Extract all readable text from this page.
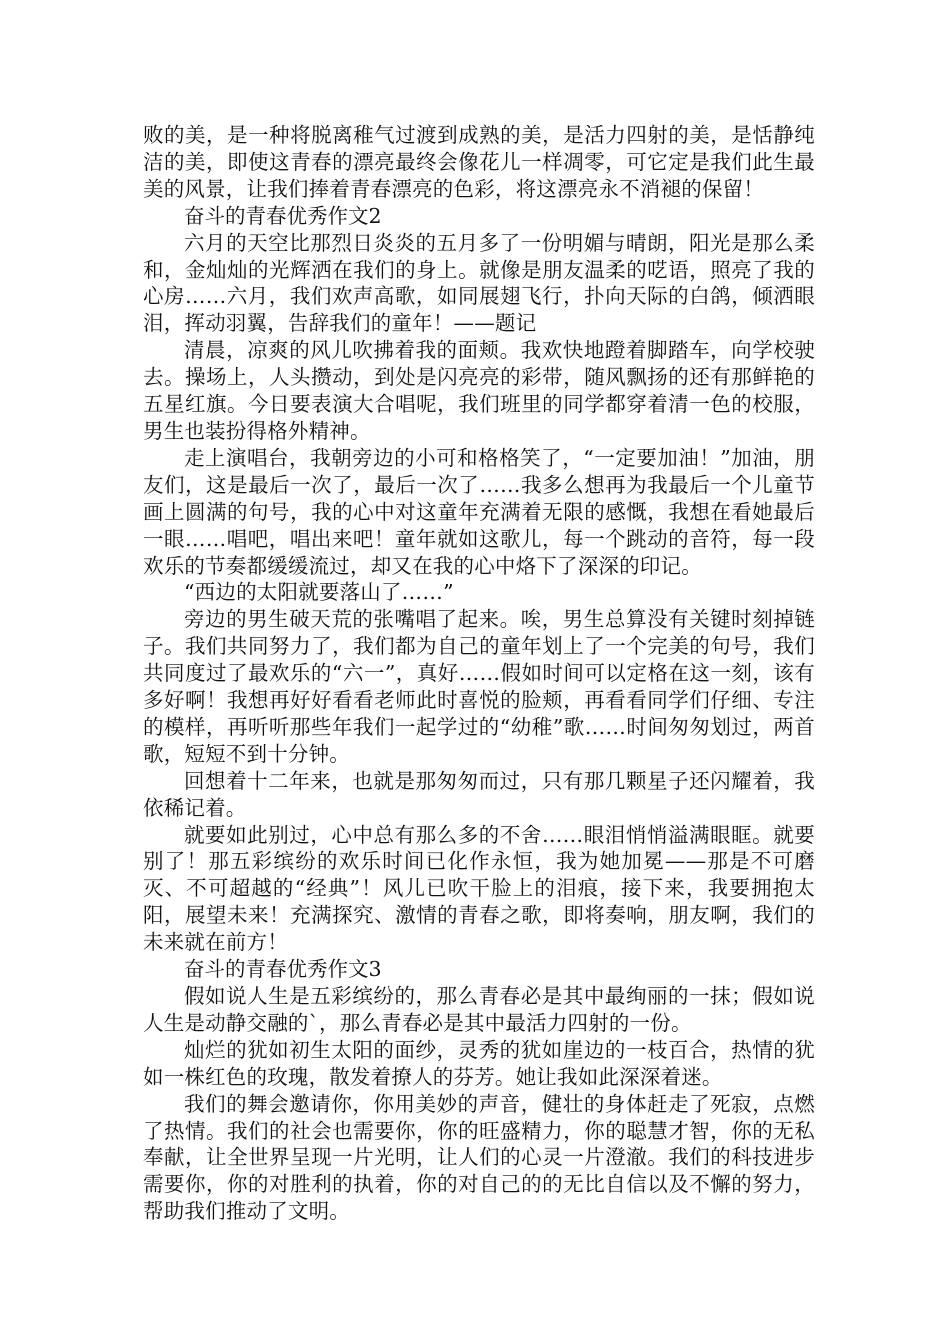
败的美，是一种将脱离稚气过渡到成熟的美，是活力四射的美，是恬静纯洁的美，即使这青春的漂亮最终会像花儿一样凋零，可它定是我们此生最美的风景，让我们捧着青春漂亮的色彩，将这漂亮永不消褪的保留！

奋斗的青春优秀作文2

六月的天空比那烈日炎炎的五月多了一份明媚与晴朗，阳光是那么柔和，金灿灿的光辉洒在我们的身上。就像是朋友温柔的呓语，照亮了我的心房……六月，我们欢声高歌，如同展翅飞行，扑向天际的白鸽，倾洒眼泪，挥动羽翼，告辞我们的童年！——题记

清晨，凉爽的风儿吹拂着我的面颊。我欢快地蹬着脚踏车，向学校驶去。操场上，人头攒动，到处是闪亮亮的彩带，随风飘扬的还有那鲜艳的五星红旗。今日要表演大合唱呢，我们班里的同学都穿着清一色的校服，男生也装扮得格外精神。

走上演唱台，我朝旁边的小可和格格笑了，“一定要加油！”加油，朋友们，这是最后一次了，最后一次了……我多么想再为我最后一个儿童节画上圆满的句号，我的心中对这童年充满着无限的感慨，我想在看她最后一眼……唱吧，唱出来吧！童年就如这歌儿，每一个跳动的音符，每一段欢乐的节奏都缓缓流过，却又在我的心中烙下了深深的印记。

“西边的太阳就要落山了……”

旁边的男生破天荒的张嘴唱了起来。唉，男生总算没有关键时刻掉链子。我们共同努力了，我们都为自己的童年划上了一个完美的句号，我们共同度过了最欢乐的“六一”，真好……假如时间可以定格在这一刻，该有多好啊！我想再好好看看老师此时喜悦的脸颊，再看看同学们仔细、专注的模样，再听听那些年我们一起学过的“幼稚”歌……时间匆匆划过，两首歌，短短不到十分钟。

回想着十二年来，也就是那匆匆而过，只有那几颗星子还闪耀着，我依稀记着。

就要如此别过，心中总有那么多的不舍……眼泪悄悄溢满眼眶。就要别了！那五彩缤纷的欢乐时间已化作永恒，我为她加冕——那是不可磨灭、不可超越的“经典”！风儿已吹干脸上的泪痕，接下来，我要拥抱太阳，展望未来！充满探究、激情的青春之歌，即将奏响，朋友啊，我们的未来就在前方！

奋斗的青春优秀作文3

假如说人生是五彩缤纷的，那么青春必是其中最绚丽的一抹；假如说人生是动静交融的`，那么青春必是其中最活力四射的一份。

灿烂的犹如初生太阳的面纱，灵秀的犹如崖边的一枝百合，热情的犹如一株红色的玫瑰，散发着撩人的芬芳。她让我如此深深着迷。

我们的舞会邀请你，你用美妙的声音，健壮的身体赶走了死寂，点燃了热情。我们的社会也需要你，你的旺盛精力，你的聪慧才智，你的无私奉献，让全世界呈现一片光明，让人们的心灵一片澄澈。我们的科技进步需要你，你的对胜利的执着，你的对自己的的无比自信以及不懈的努力，帮助我们推动了文明。
